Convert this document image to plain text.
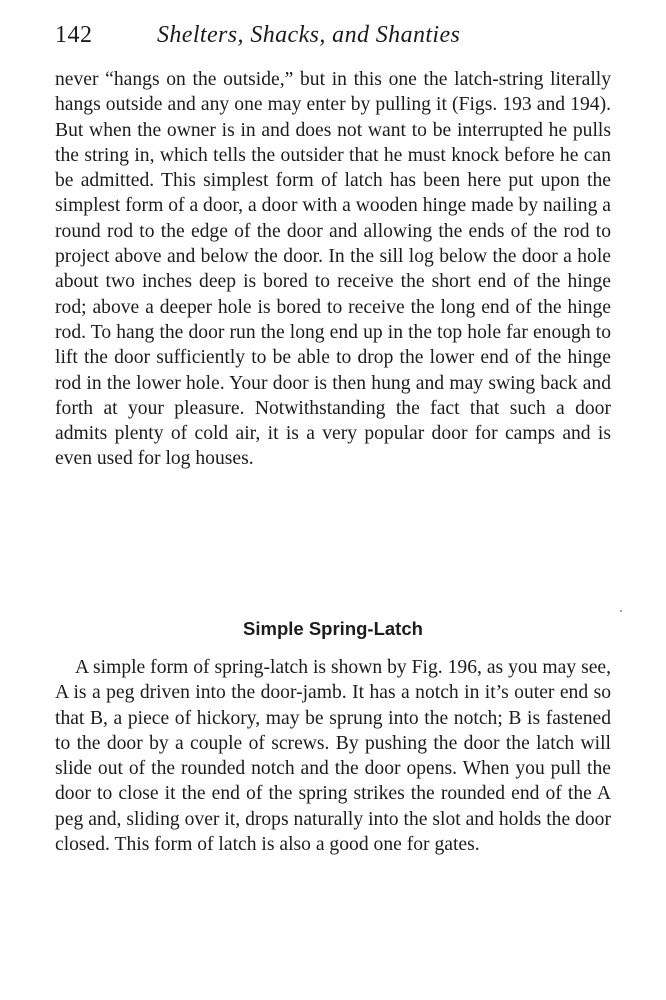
142	Shelters, Shacks, and Shanties

never “hangs on the outside,” but in this one the latch-string literally hangs outside and any one may enter by pulling it (Figs. 193 and 194). But when the owner is in and does not want to be interrupted he pulls the string in, which tells the outsider that he must knock before he can be admitted. This simplest form of latch has been here put upon the simplest form of a door, a door with a wooden hinge made by nailing a round rod to the edge of the door and allowing the ends of the rod to project above and below the door. In the sill log below the door a hole about two inches deep is bored to receive the short end of the hinge rod; above a deeper hole is bored to receive the long end of the hinge rod. To hang the door run the long end up in the top hole far enough to lift the door sufficiently to be able to drop the lower end of the hinge rod in the lower hole. Your door is then hung and may swing back and forth at your pleasure. Notwithstanding the fact that such a door admits plenty of cold air, it is a very popular door for camps and is even used for log houses.

Simple Spring-Latch

A simple form of spring-latch is shown by Fig. 196, as you may see, A is a peg driven into the door-jamb. It has a notch in it’s outer end so that B, a piece of hickory, may be sprung into the notch; B is fastened to the door by a couple of screws. By pushing the door the latch will slide out of the rounded notch and the door opens. When you pull the door to close it the end of the spring strikes the rounded end of the A peg and, sliding over it, drops naturally into the slot and holds the door closed. This form of latch is also a good one for gates.
